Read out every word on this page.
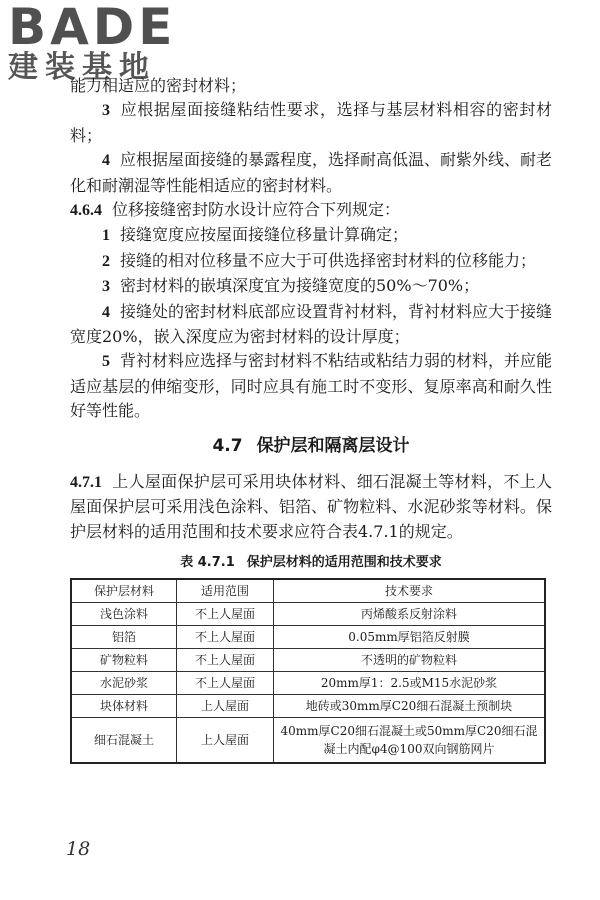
BADE
建装基地

能力相适应的密封材料；

3 应根据屋面接缝粘结性要求，选择与基层材料相容的密封材料；

4 应根据屋面接缝的暴露程度，选择耐高低温、耐紫外线、耐老化和耐潮湿等性能相适应的密封材料。

4.6.4 位移接缝密封防水设计应符合下列规定：

1 接缝宽度应按屋面接缝位移量计算确定；

2 接缝的相对位移量不应大于可供选择密封材料的位移能力；

3 密封材料的嵌填深度宜为接缝宽度的50%～70%；

4 接缝处的密封材料底部应设置背衬材料，背衬材料应大于接缝宽度20%，嵌入深度应为密封材料的设计厚度；

5 背衬材料应选择与密封材料不粘结或粘结力弱的材料，并应能适应基层的伸缩变形，同时应具有施工时不变形、复原率高和耐久性好等性能。

4.7 保护层和隔离层设计

4.7.1 上人屋面保护层可采用块体材料、细石混凝土等材料，不上人屋面保护层可采用浅色涂料、铝箔、矿物粒料、水泥砂浆等材料。保护层材料的适用范围和技术要求应符合表4.7.1的规定。

表 4.7.1 保护层材料的适用范围和技术要求
保护层材料	适用范围	技术要求
浅色涂料	不上人屋面	丙烯酸系反射涂料
铝箔	不上人屋面	0.05mm厚铝箔反射膜
矿物粒料	不上人屋面	不透明的矿物粒料
水泥砂浆	不上人屋面	20mm厚1：2.5或M15水泥砂浆
块体材料	上人屋面	地砖或30mm厚C20细石混凝土预制块
细石混凝土	上人屋面	40mm厚C20细石混凝土或50mm厚C20细石混凝土内配φ4@100双向钢筋网片
18
